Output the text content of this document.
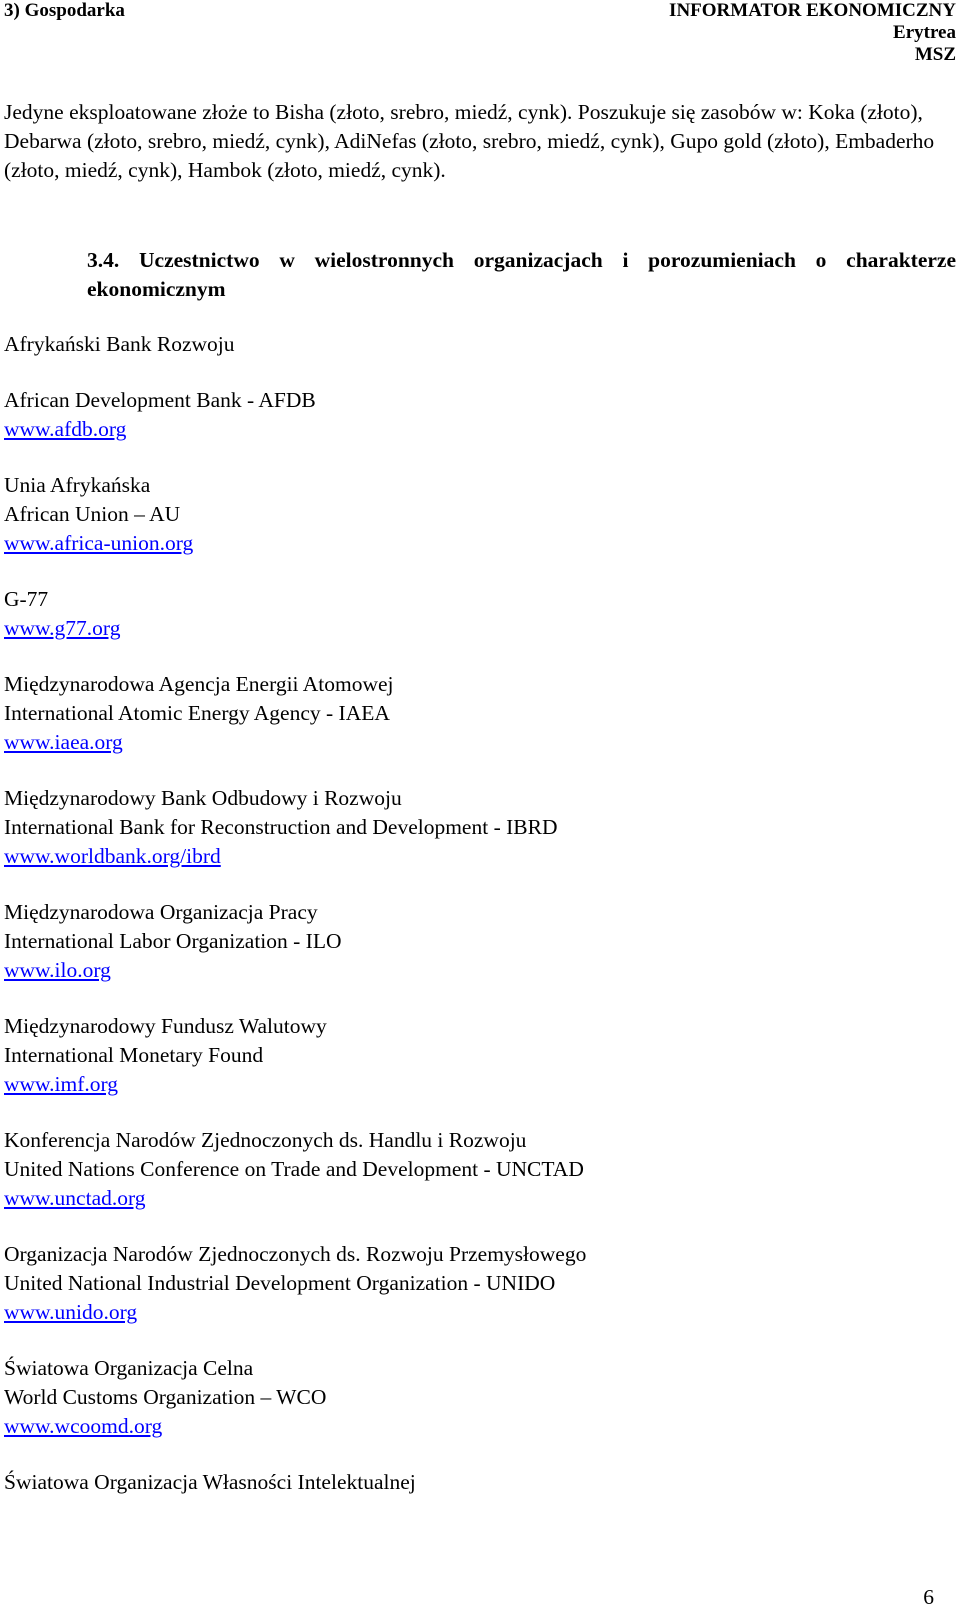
3) Gospodarka	INFORMATOR EKONOMICZNY
Erytrea
MSZ

Jedyne eksploatowane złoże to Bisha (złoto, srebro, miedź, cynk). Poszukuje się zasobów w: Koka (złoto), Debarwa (złoto, srebro, miedź, cynk), AdiNefas (złoto, srebro, miedź, cynk), Gupo gold (złoto), Embaderho (złoto, miedź, cynk), Hambok (złoto, miedź, cynk).

3.4. Uczestnictwo w wielostronnych organizacjach i porozumieniach o charakterze ekonomicznym
Afrykański Bank Rozwoju
African Development Bank - AFDB
www.afdb.org
Unia Afrykańska
African Union – AU
www.africa-union.org
G-77
www.g77.org
Międzynarodowa Agencja Energii Atomowej
International Atomic Energy Agency - IAEA
www.iaea.org
Międzynarodowy Bank Odbudowy i Rozwoju
International Bank for Reconstruction and Development - IBRD
www.worldbank.org/ibrd
Międzynarodowa Organizacja Pracy
International Labor Organization - ILO
www.ilo.org
Międzynarodowy Fundusz Walutowy
International Monetary Found
www.imf.org
Konferencja Narodów Zjednoczonych ds. Handlu i Rozwoju
United Nations Conference on Trade and Development - UNCTAD
www.unctad.org
Organizacja Narodów Zjednoczonych ds. Rozwoju Przemysłowego
United National Industrial Development Organization - UNIDO
www.unido.org
Światowa Organizacja Celna
World Customs Organization – WCO
www.wcoomd.org
Światowa Organizacja Własności Intelektualnej
6
